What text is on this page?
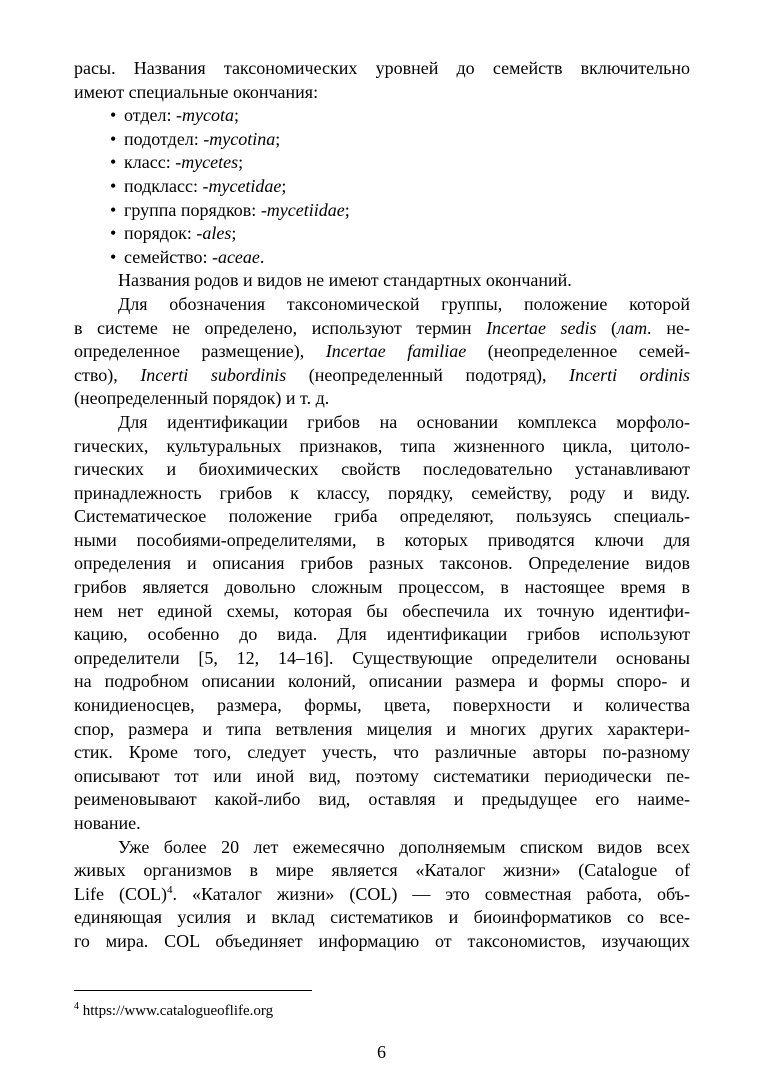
расы. Названия таксономических уровней до семейств включительно
имеют специальные окончания:
• отдел: -mycota;
• подотдел: -mycotina;
• класс: -mycetes;
• подкласс: -mycetidae;
• группа порядков: -mycetiidae;
• порядок: -ales;
• семейство: -aceae.
Названия родов и видов не имеют стандартных окончаний.
Для обозначения таксономической группы, положение которой
в системе не определено, используют термин Incertae sedis (лат. не-
определенное размещение), Incertae familiae (неопределенное семей-
ство), Incerti subordinis (неопределенный подотряд), Incerti ordinis
(неопределенный порядок) и т. д.
Для идентификации грибов на основании комплекса морфоло-
гических, культуральных признаков, типа жизненного цикла, цитоло-
гических и биохимических свойств последовательно устанавливают
принадлежность грибов к классу, порядку, семейству, роду и виду.
Систематическое положение гриба определяют, пользуясь специаль-
ными пособиями-определителями, в которых приводятся ключи для
определения и описания грибов разных таксонов. Определение видов
грибов является довольно сложным процессом, в настоящее время в
нем нет единой схемы, которая бы обеспечила их точную идентифи-
кацию, особенно до вида. Для идентификации грибов используют
определители [5, 12, 14–16]. Существующие определители основаны
на подробном описании колоний, описании размера и формы споро- и
конидиеносцев, размера, формы, цвета, поверхности и количества
спор, размера и типа ветвления мицелия и многих других характери-
стик. Кроме того, следует учесть, что различные авторы по-разному
описывают тот или иной вид, поэтому систематики периодически пе-
реименовывают какой-либо вид, оставляя и предыдущее его наиме-
нование.
Уже более 20 лет ежемесячно дополняемым списком видов всех
живых организмов в мире является «Каталог жизни» (Catalogue of
Life (COL)$^4$. «Каталог жизни» (COL) — это совместная работа, объ-
единяющая усилия и вклад систематиков и биоинформатиков со все-
го мира. COL объединяет информацию от таксономистов, изучающих
$^4$ https://www.catalogueoflife.org
6
